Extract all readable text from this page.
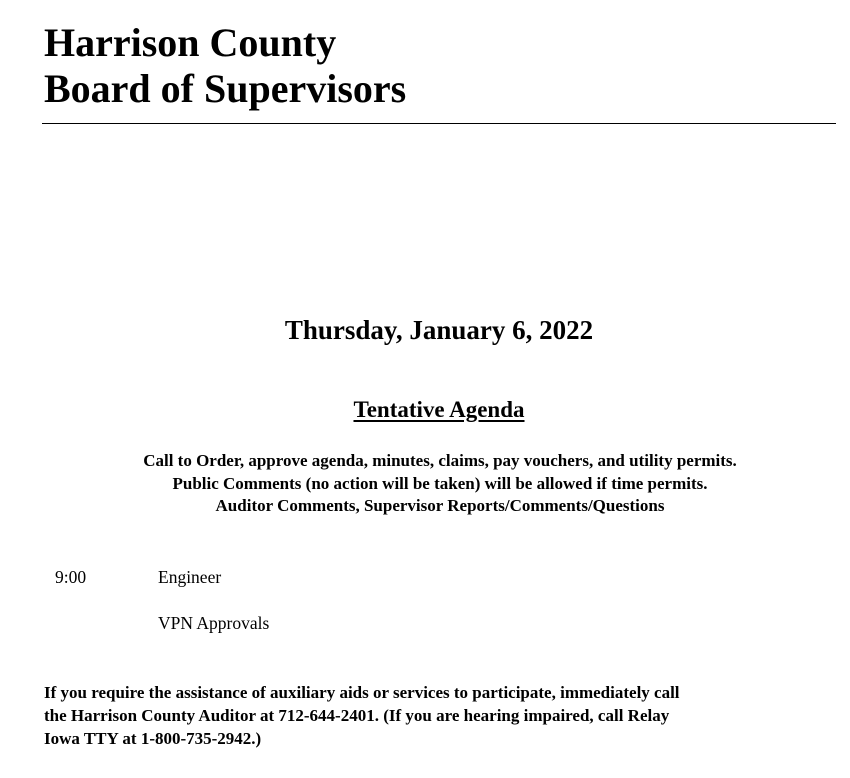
Harrison County
Board of Supervisors
Thursday, January 6, 2022
Tentative Agenda
Call to Order, approve agenda, minutes, claims, pay vouchers, and utility permits.
Public Comments (no action will be taken) will be allowed if time permits.
Auditor Comments, Supervisor Reports/Comments/Questions
9:00	Engineer
VPN Approvals
If you require the assistance of auxiliary aids or services to participate, immediately call
the Harrison County Auditor at 712-644-2401. (If you are hearing impaired, call Relay
Iowa TTY at 1-800-735-2942.)
